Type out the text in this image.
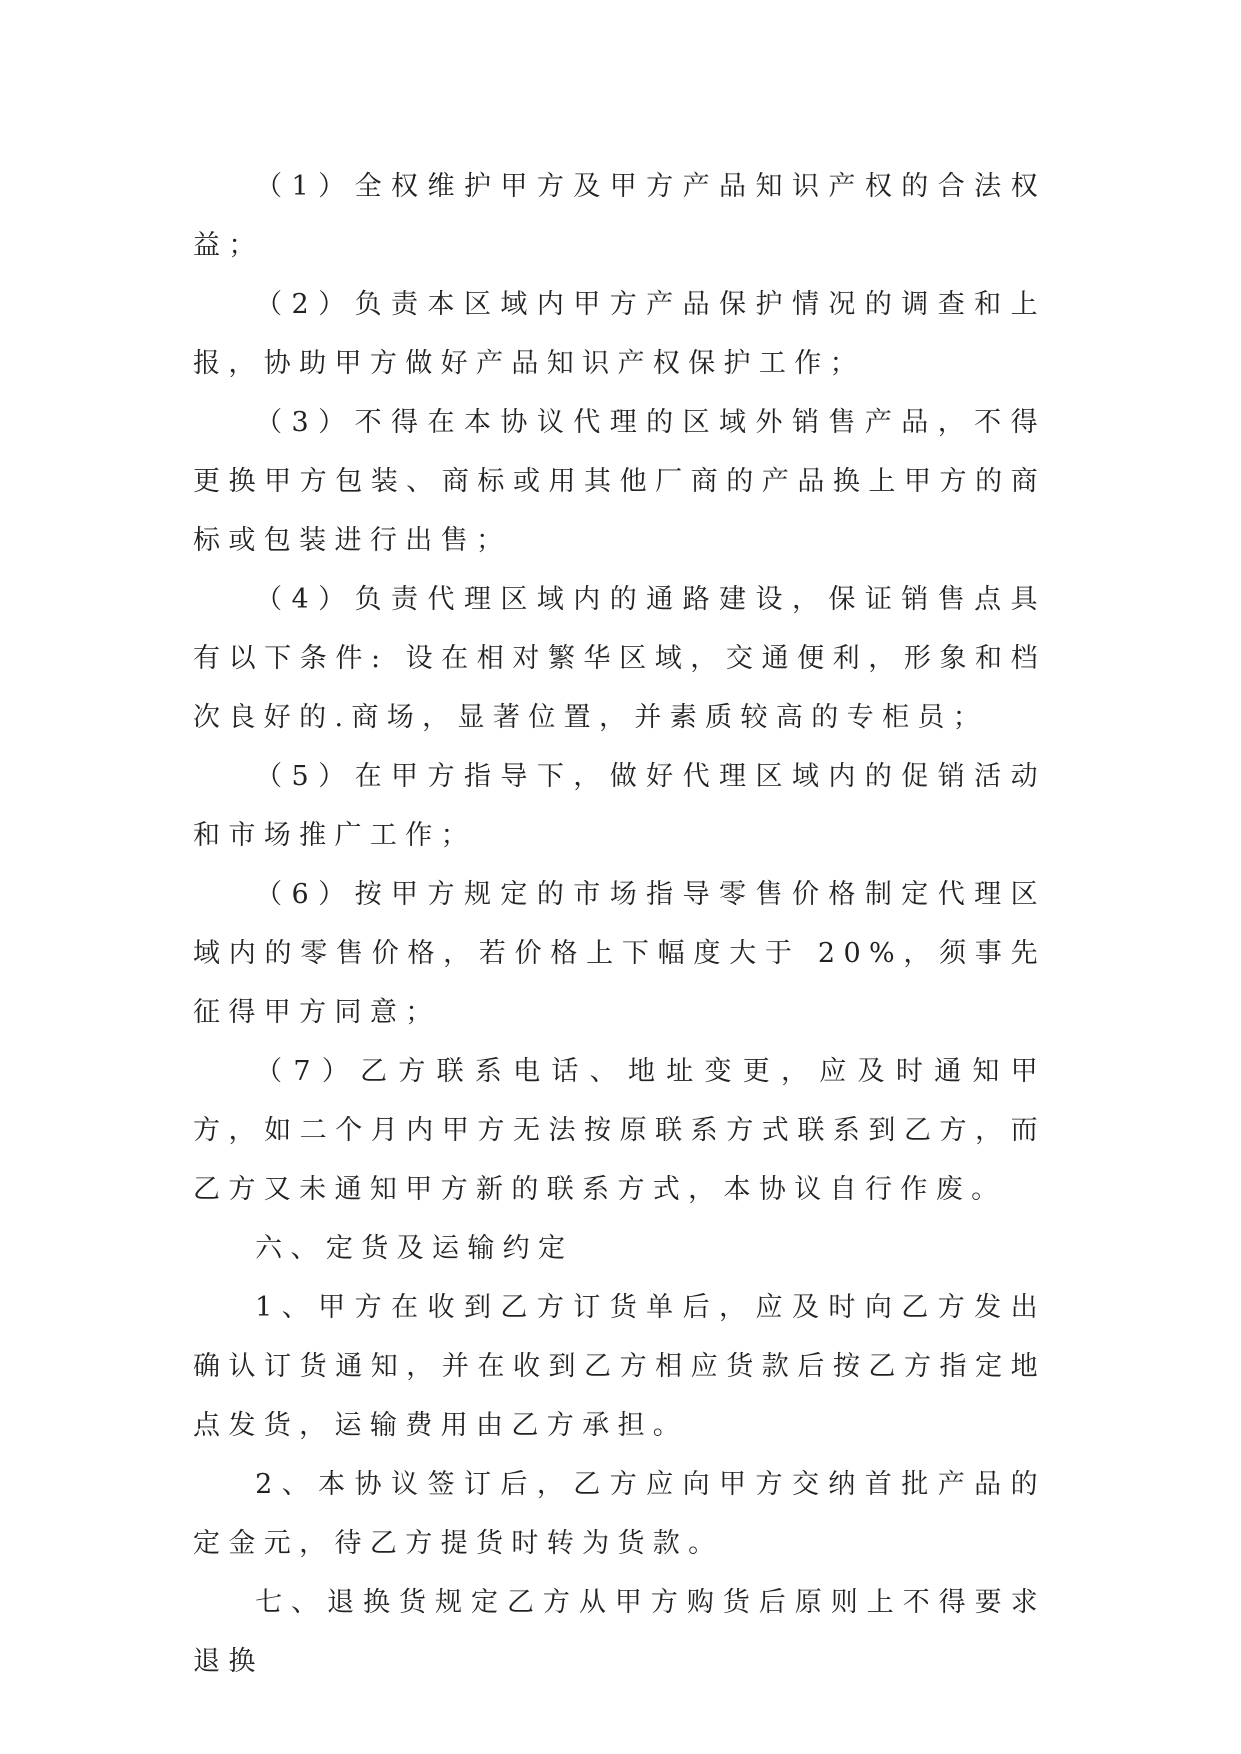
（1）全权维护甲方及甲方产品知识产权的合法权益；

（2）负责本区域内甲方产品保护情况的调查和上报，协助甲方做好产品知识产权保护工作；

（3）不得在本协议代理的区域外销售产品，不得更换甲方包装、商标或用其他厂商的产品换上甲方的商标或包装进行出售；

（4）负责代理区域内的通路建设，保证销售点具有以下条件: 设在相对繁华区域，交通便利，形象和档次良好的.商场，显著位置，并素质较高的专柜员；

（5）在甲方指导下，做好代理区域内的促销活动和市场推广工作；

（6）按甲方规定的市场指导零售价格制定代理区域内的零售价格，若价格上下幅度大于 20%，须事先征得甲方同意；

（7）乙方联系电话、地址变更，应及时通知甲方，如二个月内甲方无法按原联系方式联系到乙方，而乙方又未通知甲方新的联系方式，本协议自行作废。

六、定货及运输约定

1、甲方在收到乙方订货单后，应及时向乙方发出确认订货通知，并在收到乙方相应货款后按乙方指定地点发货，运输费用由乙方承担。

2、本协议签订后，乙方应向甲方交纳首批产品的定金元，待乙方提货时转为货款。

七、退换货规定乙方从甲方购货后原则上不得要求退换
